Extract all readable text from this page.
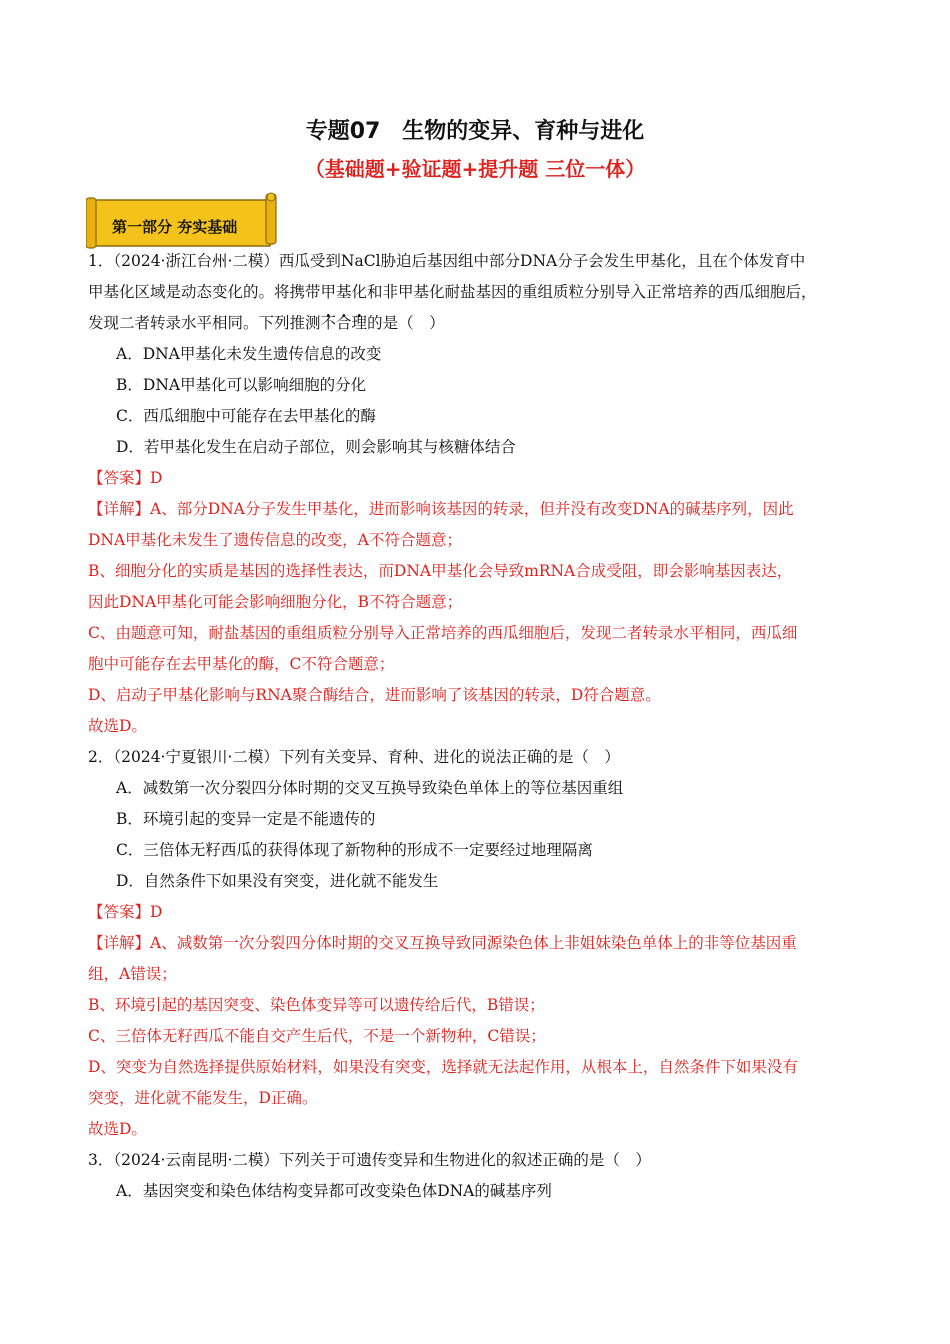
专题07　生物的变异、育种与进化
（基础题+验证题+提升题 三位一体）
第一部分 夯实基础
1．（2024·浙江台州·二模）西瓜受到NaCl胁迫后基因组中部分DNA分子会发生甲基化，且在个体发育中
甲基化区域是动态变化的。将携带甲基化和非甲基化耐盐基因的重组质粒分别导入正常培养的西瓜细胞后，
发现二者转录水平相同。下列推测不合理的是（　）
A．DNA甲基化未发生遗传信息的改变
B．DNA甲基化可以影响细胞的分化
C．西瓜细胞中可能存在去甲基化的酶
D．若甲基化发生在启动子部位，则会影响其与核糖体结合
【答案】D
【详解】A、部分DNA分子发生甲基化，进而影响该基因的转录，但并没有改变DNA的碱基序列，因此
DNA甲基化未发生了遗传信息的改变，A不符合题意；
B、细胞分化的实质是基因的选择性表达，而DNA甲基化会导致mRNA合成受阻，即会影响基因表达，
因此DNA甲基化可能会影响细胞分化，B不符合题意；
C、由题意可知，耐盐基因的重组质粒分别导入正常培养的西瓜细胞后，发现二者转录水平相同，西瓜细
胞中可能存在去甲基化的酶，C不符合题意；
D、启动子甲基化影响与RNA聚合酶结合，进而影响了该基因的转录，D符合题意。
故选D。
2．（2024·宁夏银川·二模）下列有关变异、育种、进化的说法正确的是（　）
A．减数第一次分裂四分体时期的交叉互换导致染色单体上的等位基因重组
B．环境引起的变异一定是不能遗传的
C．三倍体无籽西瓜的获得体现了新物种的形成不一定要经过地理隔离
D．自然条件下如果没有突变，进化就不能发生
【答案】D
【详解】A、减数第一次分裂四分体时期的交叉互换导致同源染色体上非姐妹染色单体上的非等位基因重
组，A错误；
B、环境引起的基因突变、染色体变异等可以遗传给后代，B错误；
C、三倍体无籽西瓜不能自交产生后代，不是一个新物种，C错误；
D、突变为自然选择提供原始材料，如果没有突变，选择就无法起作用，从根本上，自然条件下如果没有
突变，进化就不能发生，D正确。
故选D。
3．（2024·云南昆明·二模）下列关于可遗传变异和生物进化的叙述正确的是（　）
A．基因突变和染色体结构变异都可改变染色体DNA的碱基序列
